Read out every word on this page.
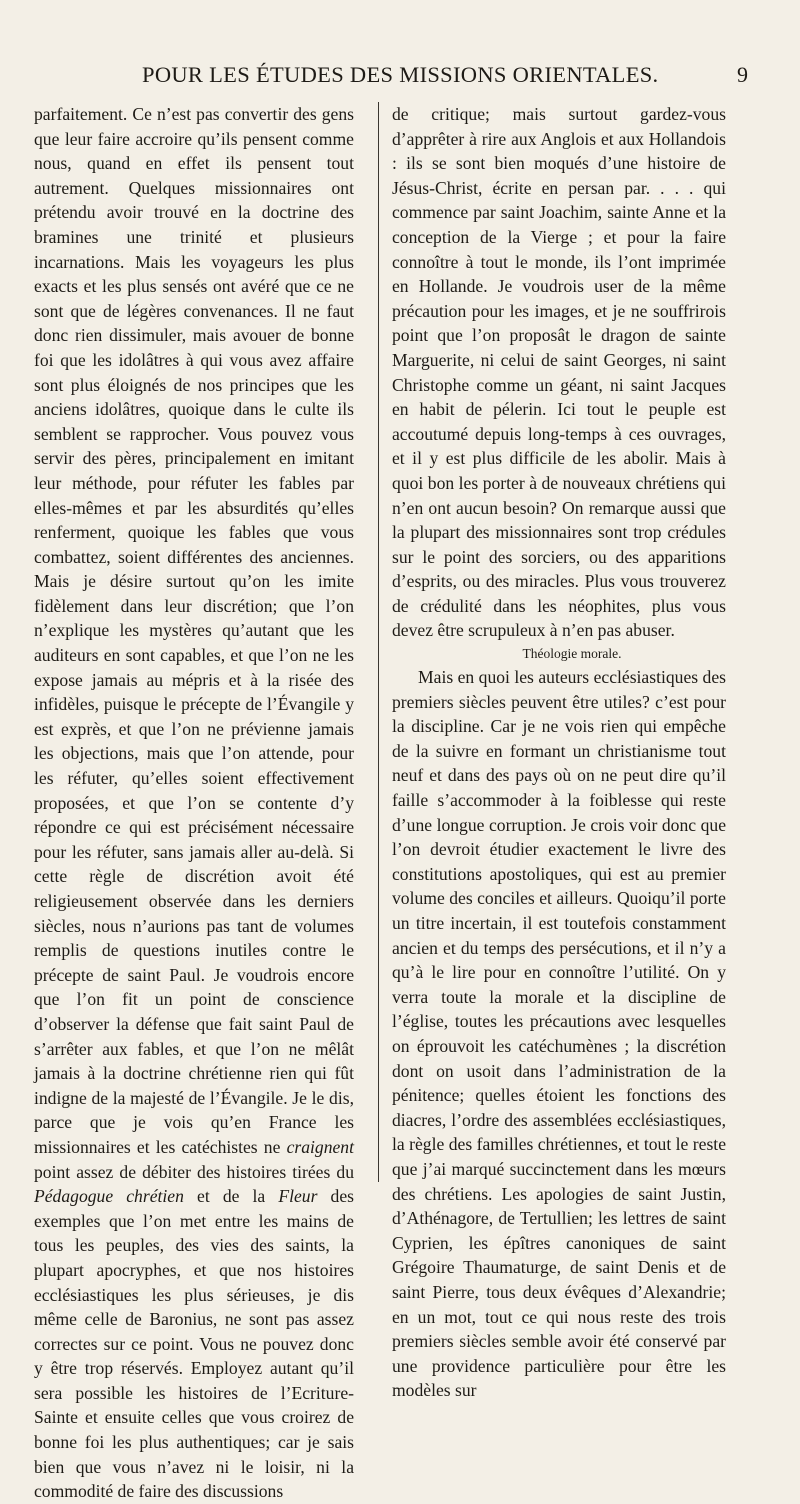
POUR LES ÉTUDES DES MISSIONS ORIENTALES.	9

parfaitement. Ce n’est pas convertir des gens que leur faire accroire qu’ils pensent comme nous, quand en effet ils pensent tout autrement. Quelques missionnaires ont prétendu avoir trouvé en la doctrine des bramines une trinité et plusieurs incarnations. Mais les voyageurs les plus exacts et les plus sensés ont avéré que ce ne sont que de légères convenances. Il ne faut donc rien dissimuler, mais avouer de bonne foi que les idolâtres à qui vous avez affaire sont plus éloignés de nos principes que les anciens idolâtres, quoique dans le culte ils semblent se rapprocher. Vous pouvez vous servir des pères, principalement en imitant leur méthode, pour réfuter les fables par elles-mêmes et par les absurdités qu’elles renferment, quoique les fables que vous combattez, soient différentes des anciennes. Mais je désire surtout qu’on les imite fidèlement dans leur discrétion; que l’on n’explique les mystères qu’autant que les auditeurs en sont capables, et que l’on ne les expose jamais au mépris et à la risée des infidèles, puisque le précepte de l’Évangile y est exprès, et que l’on ne prévienne jamais les objections, mais que l’on attende, pour les réfuter, qu’elles soient effectivement proposées, et que l’on se contente d’y répondre ce qui est précisément nécessaire pour les réfuter, sans jamais aller au-delà. Si cette règle de discrétion avoit été religieusement observée dans les derniers siècles, nous n’aurions pas tant de volumes remplis de questions inutiles contre le précepte de saint Paul. Je voudrois encore que l’on fit un point de conscience d’observer la défense que fait saint Paul de s’arrêter aux fables, et que l’on ne mêlât jamais à la doctrine chrétienne rien qui fût indigne de la majesté de l’Évangile. Je le dis, parce que je vois qu’en France les missionnaires et les catéchistes ne craignent point assez de débiter des histoires tirées du Pédagogue chrétien et de la Fleur des exemples que l’on met entre les mains de tous les peuples, des vies des saints, la plupart apocryphes, et que nos histoires ecclésiastiques les plus sérieuses, je dis même celle de Baronius, ne sont pas assez correctes sur ce point. Vous ne pouvez donc y être trop réservés. Employez autant qu’il sera possible les histoires de l’Ecriture-Sainte et ensuite celles que vous croirez de bonne foi les plus authentiques; car je sais bien que vous n’avez ni le loisir, ni la commodité de faire des discussions

de critique; mais surtout gardez-vous d’apprêter à rire aux Anglois et aux Hollandois : ils se sont bien moqués d’une histoire de Jésus-Christ, écrite en persan par. . . . qui commence par saint Joachim, sainte Anne et la conception de la Vierge ; et pour la faire connoître à tout le monde, ils l’ont imprimée en Hollande. Je voudrois user de la même précaution pour les images, et je ne souffrirois point que l’on proposât le dragon de sainte Marguerite, ni celui de saint Georges, ni saint Christophe comme un géant, ni saint Jacques en habit de pélerin. Ici tout le peuple est accoutumé depuis long-temps à ces ouvrages, et il y est plus difficile de les abolir. Mais à quoi bon les porter à de nouveaux chrétiens qui n’en ont aucun besoin? On remarque aussi que la plupart des missionnaires sont trop crédules sur le point des sorciers, ou des apparitions d’esprits, ou des miracles. Plus vous trouverez de crédulité dans les néophites, plus vous devez être scrupuleux à n’en pas abuser.

Théologie morale.

Mais en quoi les auteurs ecclésiastiques des premiers siècles peuvent être utiles? c’est pour la discipline. Car je ne vois rien qui empêche de la suivre en formant un christianisme tout neuf et dans des pays où on ne peut dire qu’il faille s’accommoder à la foiblesse qui reste d’une longue corruption. Je crois voir donc que l’on devroit étudier exactement le livre des constitutions apostoliques, qui est au premier volume des conciles et ailleurs. Quoiqu’il porte un titre incertain, il est toutefois constamment ancien et du temps des persécutions, et il n’y a qu’à le lire pour en connoître l’utilité. On y verra toute la morale et la discipline de l’église, toutes les précautions avec lesquelles on éprouvoit les catéchumènes ; la discrétion dont on usoit dans l’administration de la pénitence; quelles étoient les fonctions des diacres, l’ordre des assemblées ecclésiastiques, la règle des familles chrétiennes, et tout le reste que j’ai marqué succinctement dans les mœurs des chrétiens. Les apologies de saint Justin, d’Athénagore, de Tertullien; les lettres de saint Cyprien, les épîtres canoniques de saint Grégoire Thaumaturge, de saint Denis et de saint Pierre, tous deux évêques d’Alexandrie; en un mot, tout ce qui nous reste des trois premiers siècles semble avoir été conservé par une providence particulière pour être les modèles sur
